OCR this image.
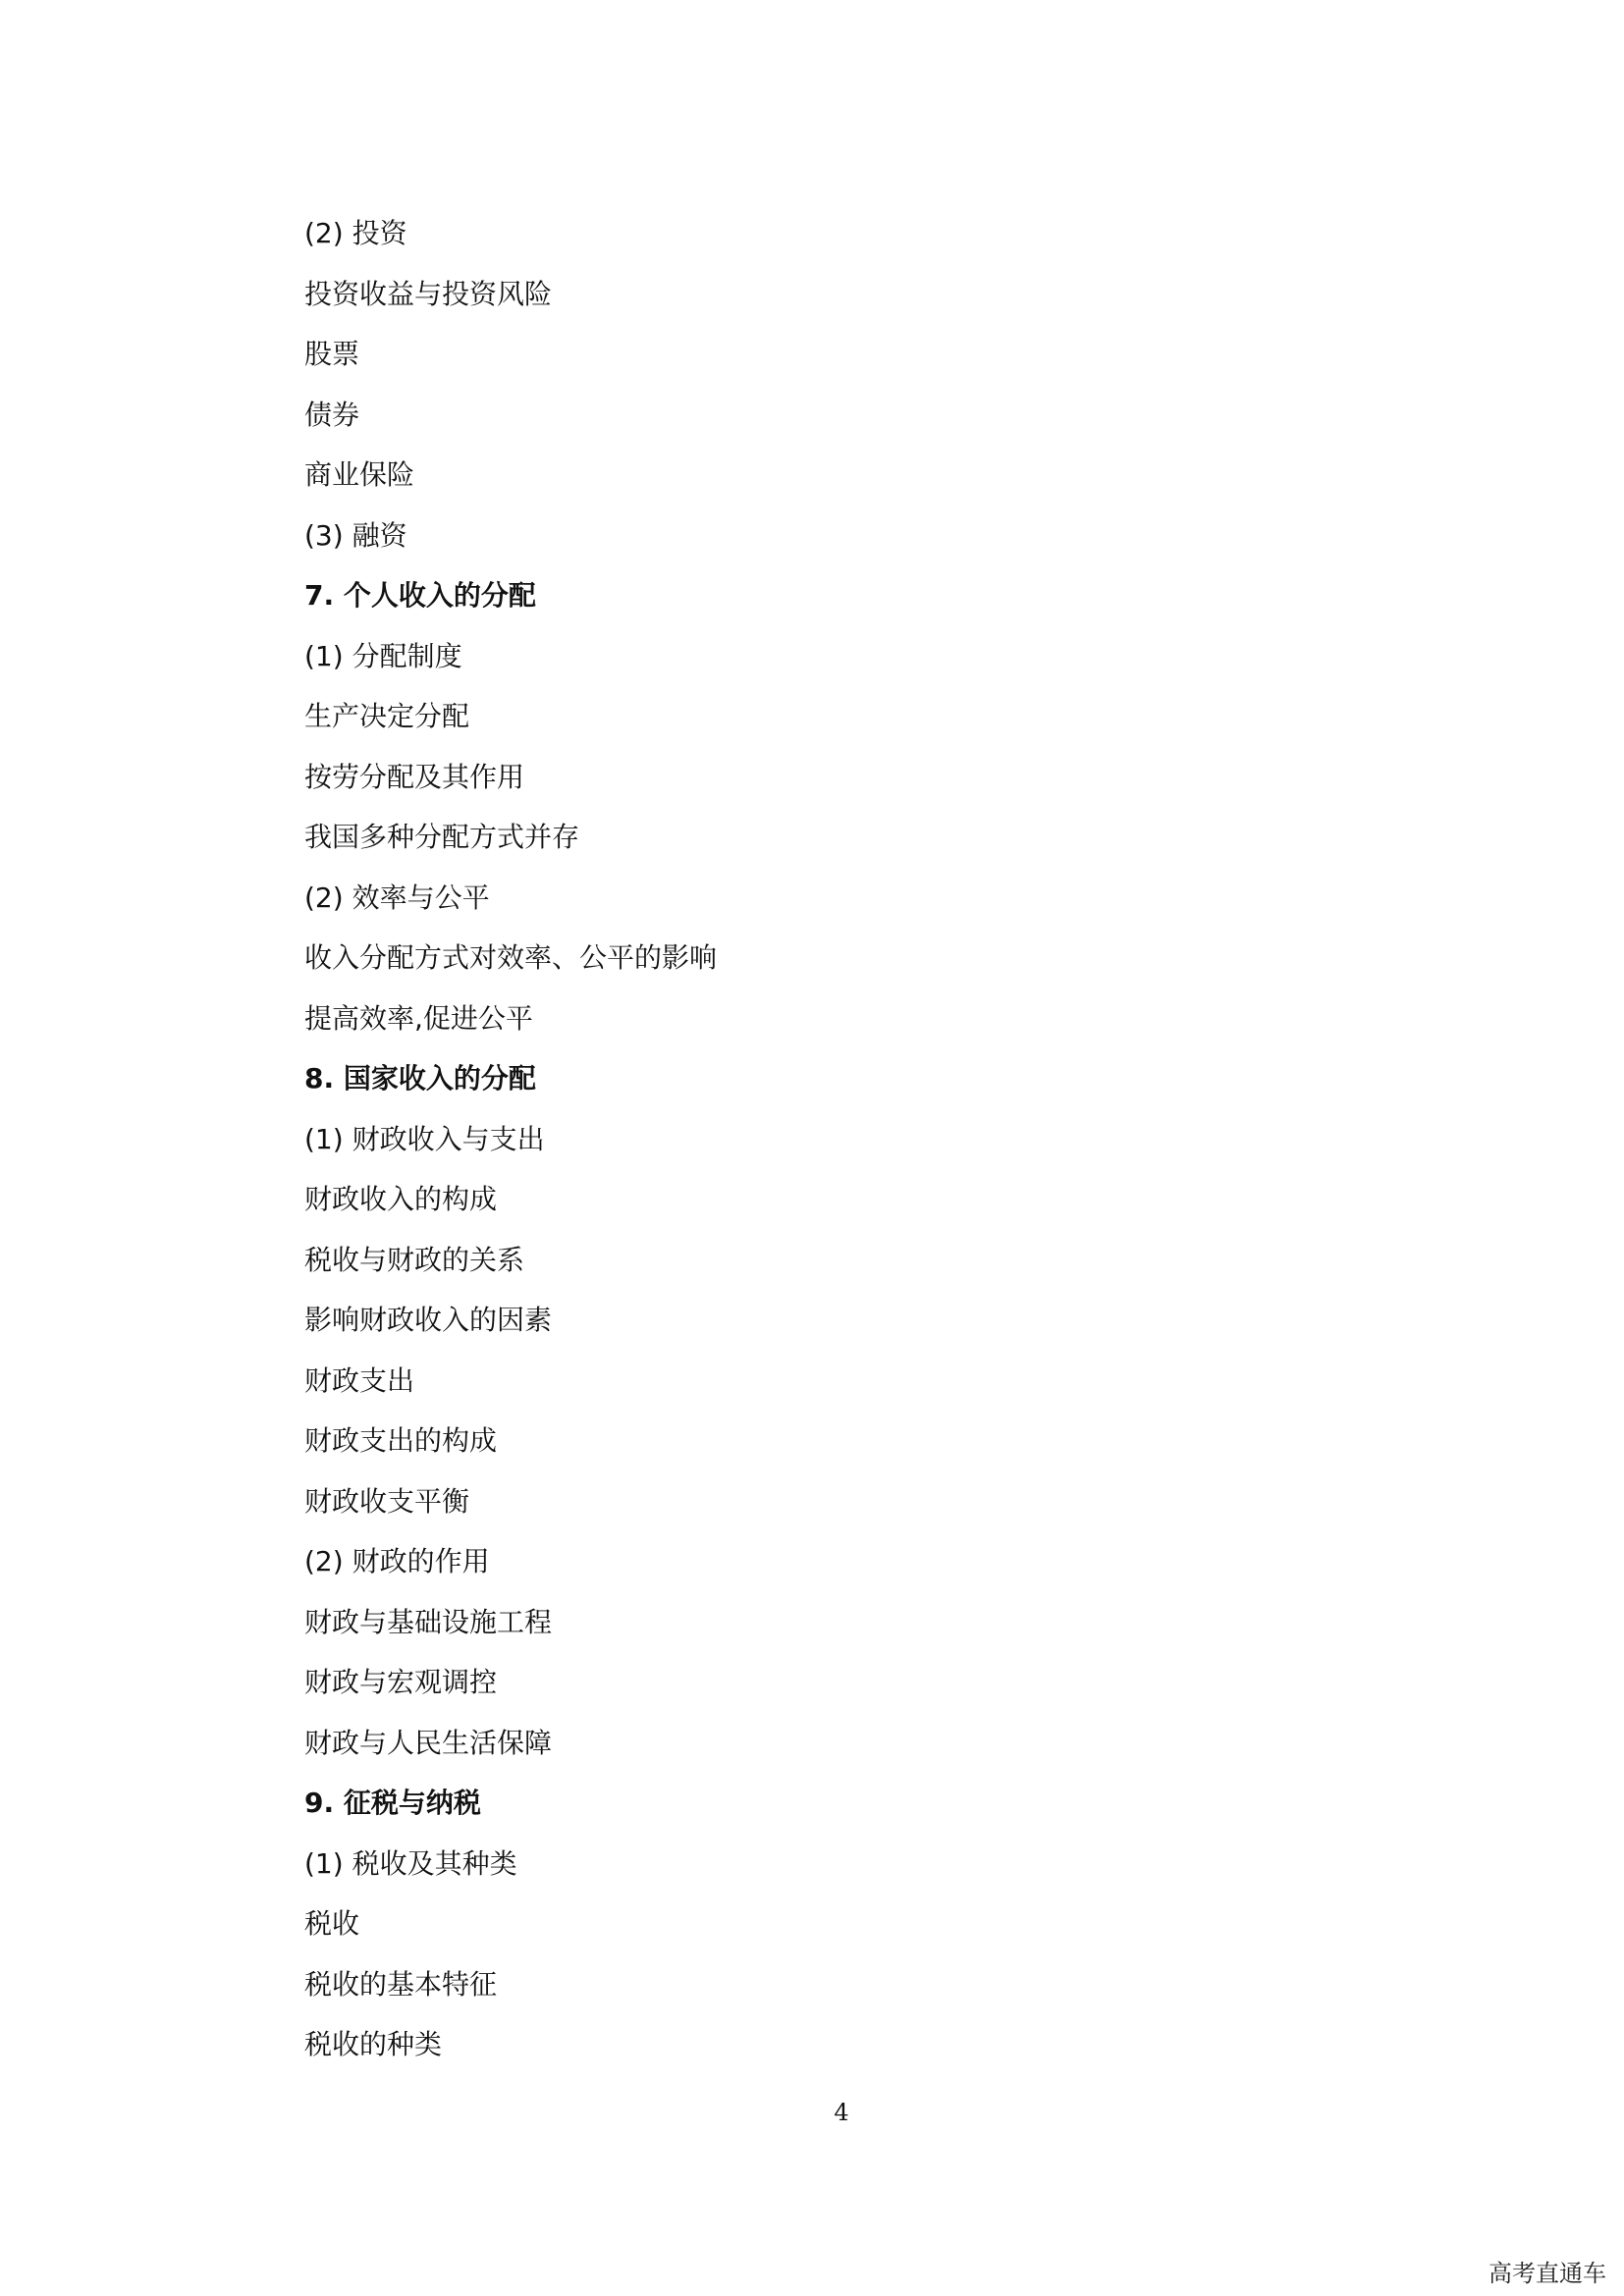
(2) 投资
投资收益与投资风险
股票
债券
商业保险
(3) 融资
7. 个人收入的分配
(1) 分配制度
生产决定分配
按劳分配及其作用
我国多种分配方式并存
(2) 效率与公平
收入分配方式对效率、公平的影响
提高效率,促进公平
8. 国家收入的分配
(1) 财政收入与支出
财政收入的构成
税收与财政的关系
影响财政收入的因素
财政支出
财政支出的构成
财政收支平衡
(2) 财政的作用
财政与基础设施工程
财政与宏观调控
财政与人民生活保障
9. 征税与纳税
(1) 税收及其种类
税收
税收的基本特征
税收的种类
4
高考直通车
